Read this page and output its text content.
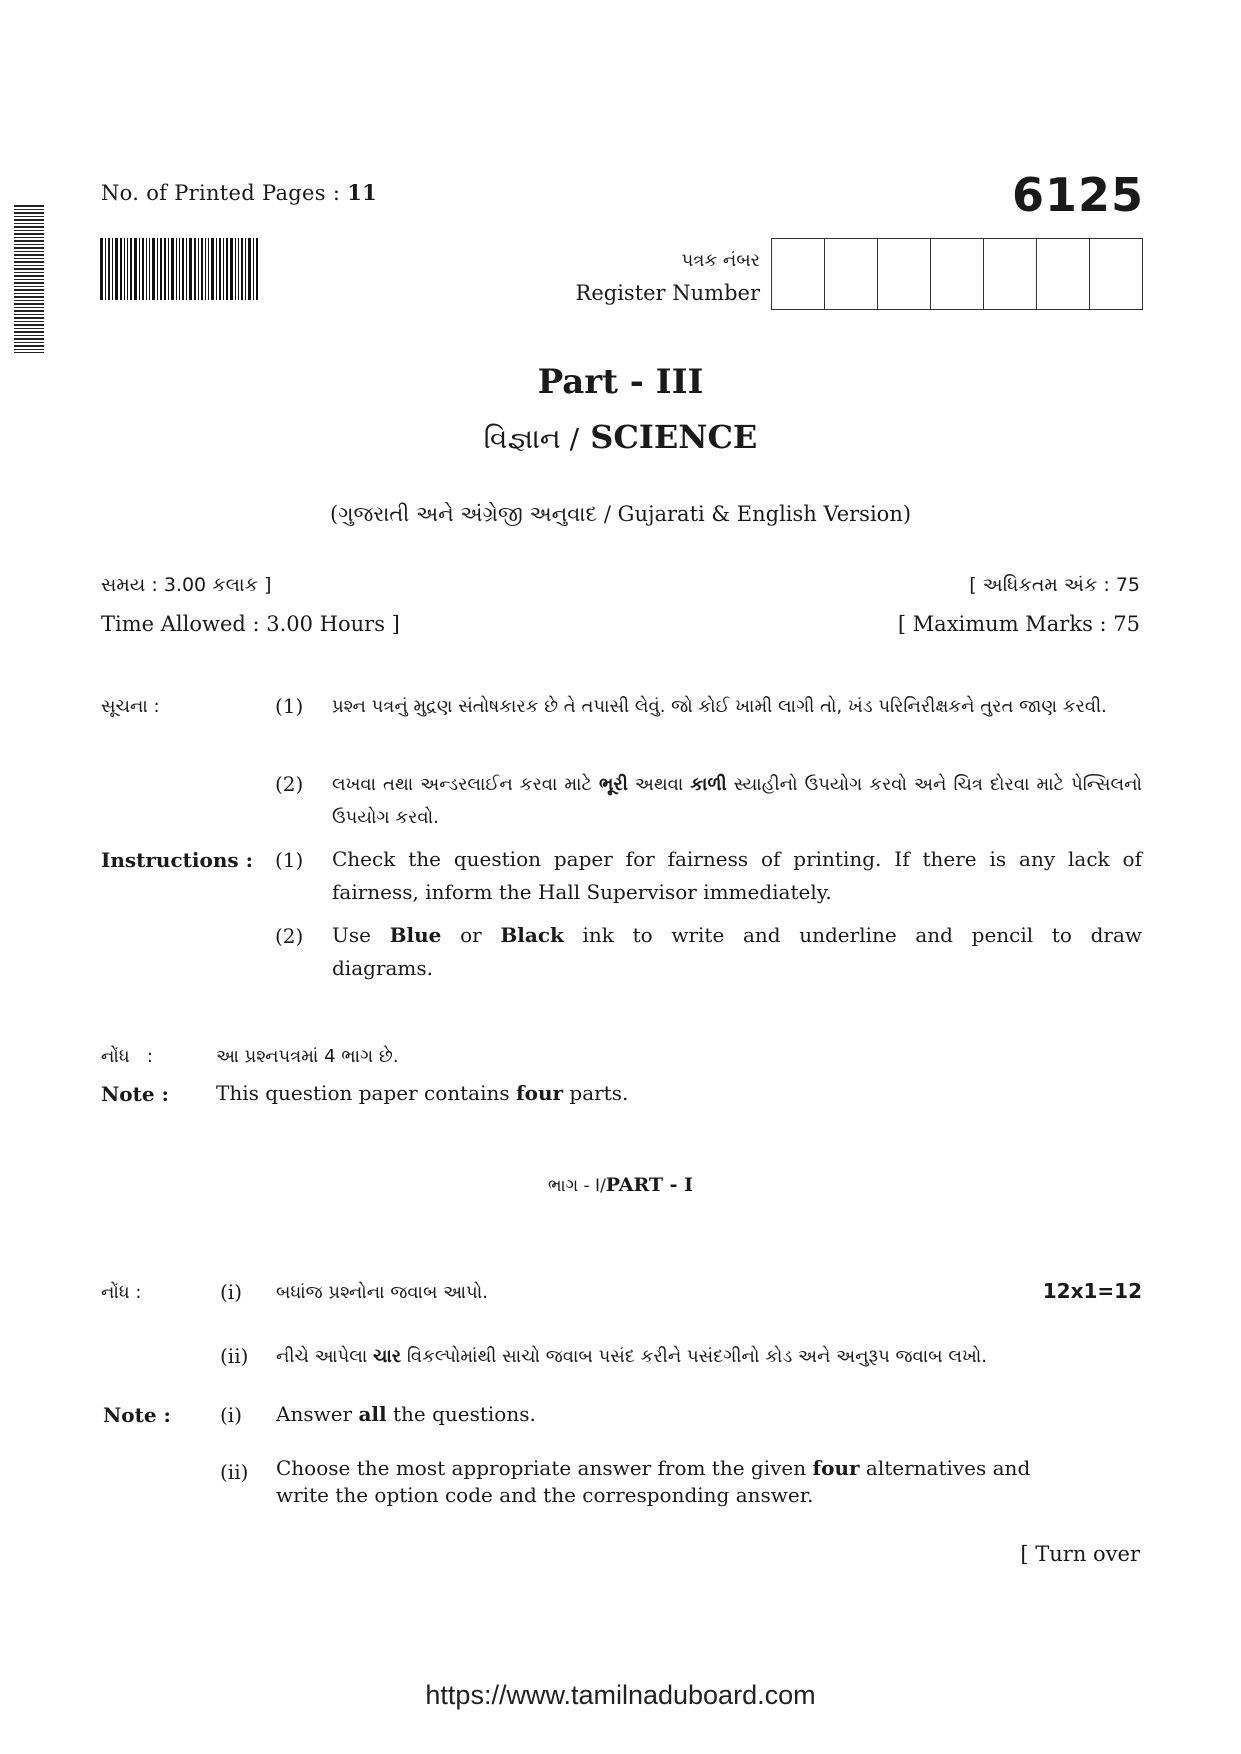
No. of Printed Pages : 11	6125
પત્રક નંબર
Register Number
Part - III
વિજ્ઞાન / SCIENCE
(ગુજરાતી અને અંગ્રેજી અનુવાદ / Gujarati & English Version)
સમય : 3.00 કલાક ]
Time Allowed : 3.00 Hours ]
[ અધિકતમ અંક : 75
[ Maximum Marks : 75
સૂચના :	(1) પ્રશ્ન પત્રનું મુદ્રણ સંતોષકારક છે તે તપાસી લેવું. જો કોઈ ખામી લાગી તો, ખંડ પરિનિરીક્ષકને તુરત જાણ કરવી.
(2) લખવા તથા અન્ડરલાઈન કરવા માટે ભૂરી અથવા કાળી સ્યાહીનો ઉપયોગ કરવો અને ચિત્ર દોરવા માટે પેન્સિલનો ઉપયોગ કરવો.
Instructions : (1) Check the question paper for fairness of printing. If there is any lack of fairness, inform the Hall Supervisor immediately.
(2) Use Blue or Black ink to write and underline and pencil to draw diagrams.
નોંધ   :	આ પ્રશ્નપત્રમાં 4 ભાગ છે.
Note : This question paper contains four parts.
ભાગ - I/PART - I
નોંધ :	(i) બધાંજ પ્રશ્નોના જવાબ આપો.	12x1=12
(ii) નીચે આપેલા ચાર વિકલ્પોમાંથી સાચો જવાબ પસંદ કરીને પસંદગીનો કોડ અને અનુરૂપ જવાબ લખો.
Note : (i) Answer all the questions.
(ii) Choose the most appropriate answer from the given four alternatives and write the option code and the corresponding answer.
[ Turn over
https://www.tamilnaduboard.com
